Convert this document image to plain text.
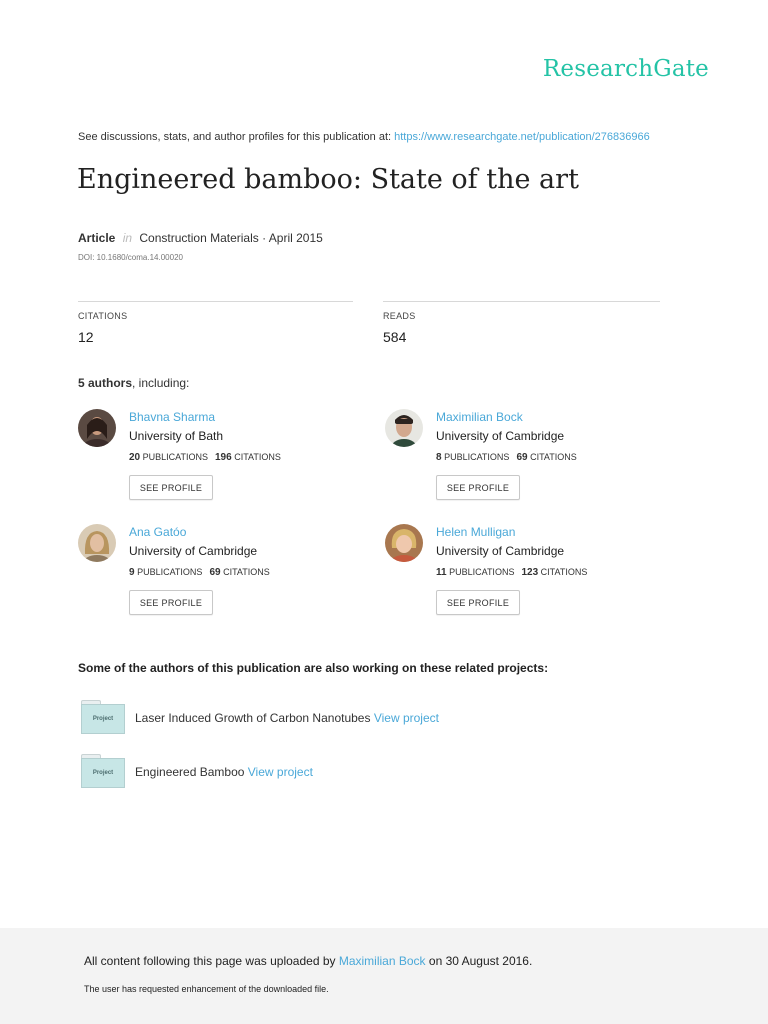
ResearchGate
See discussions, stats, and author profiles for this publication at: https://www.researchgate.net/publication/276836966
Engineered bamboo: State of the art
Article in Construction Materials · April 2015
DOI: 10.1680/coma.14.00020
CITATIONS
12
READS
584
5 authors, including:
Bhavna Sharma
University of Bath
20 PUBLICATIONS 196 CITATIONS
SEE PROFILE
Maximilian Bock
University of Cambridge
8 PUBLICATIONS 69 CITATIONS
SEE PROFILE
Ana Gatóo
University of Cambridge
9 PUBLICATIONS 69 CITATIONS
SEE PROFILE
Helen Mulligan
University of Cambridge
11 PUBLICATIONS 123 CITATIONS
SEE PROFILE
Some of the authors of this publication are also working on these related projects:
Project	Laser Induced Growth of Carbon Nanotubes View project
Project	Engineered Bamboo View project
All content following this page was uploaded by Maximilian Bock on 30 August 2016.
The user has requested enhancement of the downloaded file.
